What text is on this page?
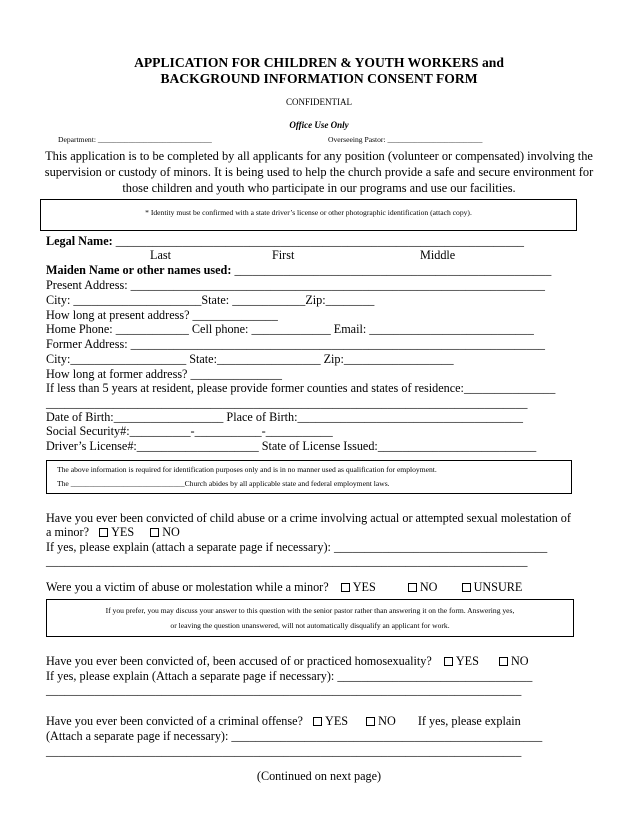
APPLICATION FOR CHILDREN & YOUTH WORKERS and
BACKGROUND INFORMATION CONSENT FORM
CONFIDENTIAL
Office Use Only
Department: ______________________________	Overseeing Pastor: _________________________
This application is to be completed by all applicants for any position (volunteer or compensated) involving the
supervision or custody of minors. It is being used to help the church provide a safe and secure environment for
those children and youth who participate in our programs and use our facilities.
* Identity must be confirmed with a state driver’s license or other photographic identification (attach copy).
Legal Name: ___________________________________________________________________
Last	First	Middle
Maiden Name or other names used: ____________________________________________________
Present Address: ____________________________________________________________________
City: _____________________State: ____________Zip:________
How long at present address? ______________
Home Phone: ____________ Cell phone: _____________ Email: ___________________________
Former Address: ____________________________________________________________________
City:___________________ State:_________________ Zip:__________________
How long at former address? _______________
If less than 5 years at resident, please provide former counties and states of residence:_______________
_______________________________________________________________________________
Date of Birth:__________________ Place of Birth:_____________________________________
Social Security#:__________-___________-___________
Driver’s License#:____________________ State of License Issued:__________________________
The above information is required for identification purposes only and is in no manner used as qualification for employment.
The ______________________________Church abides by all applicable state and federal employment laws.
Have you ever been convicted of child abuse or a crime involving actual or attempted sexual molestation of
a minor? YES NO
If yes, please explain (attach a separate page if necessary): ___________________________________
_______________________________________________________________________________
Were you a victim of abuse or molestation while a minor? YES	NO	UNSURE
If you prefer, you may discuss your answer to this question with the senior pastor rather than answering it on the form. Answering yes,
or leaving the question unanswered, will not automatically disqualify an applicant for work.
Have you ever been convicted of, been accused of or practiced homosexuality? YES	NO
If yes, please explain (Attach a separate page if necessary): ________________________________
______________________________________________________________________________
Have you ever been convicted of a criminal offense? YES NO If yes, please explain
(Attach a separate page if necessary): ___________________________________________________
______________________________________________________________________________
(Continued on next page)
